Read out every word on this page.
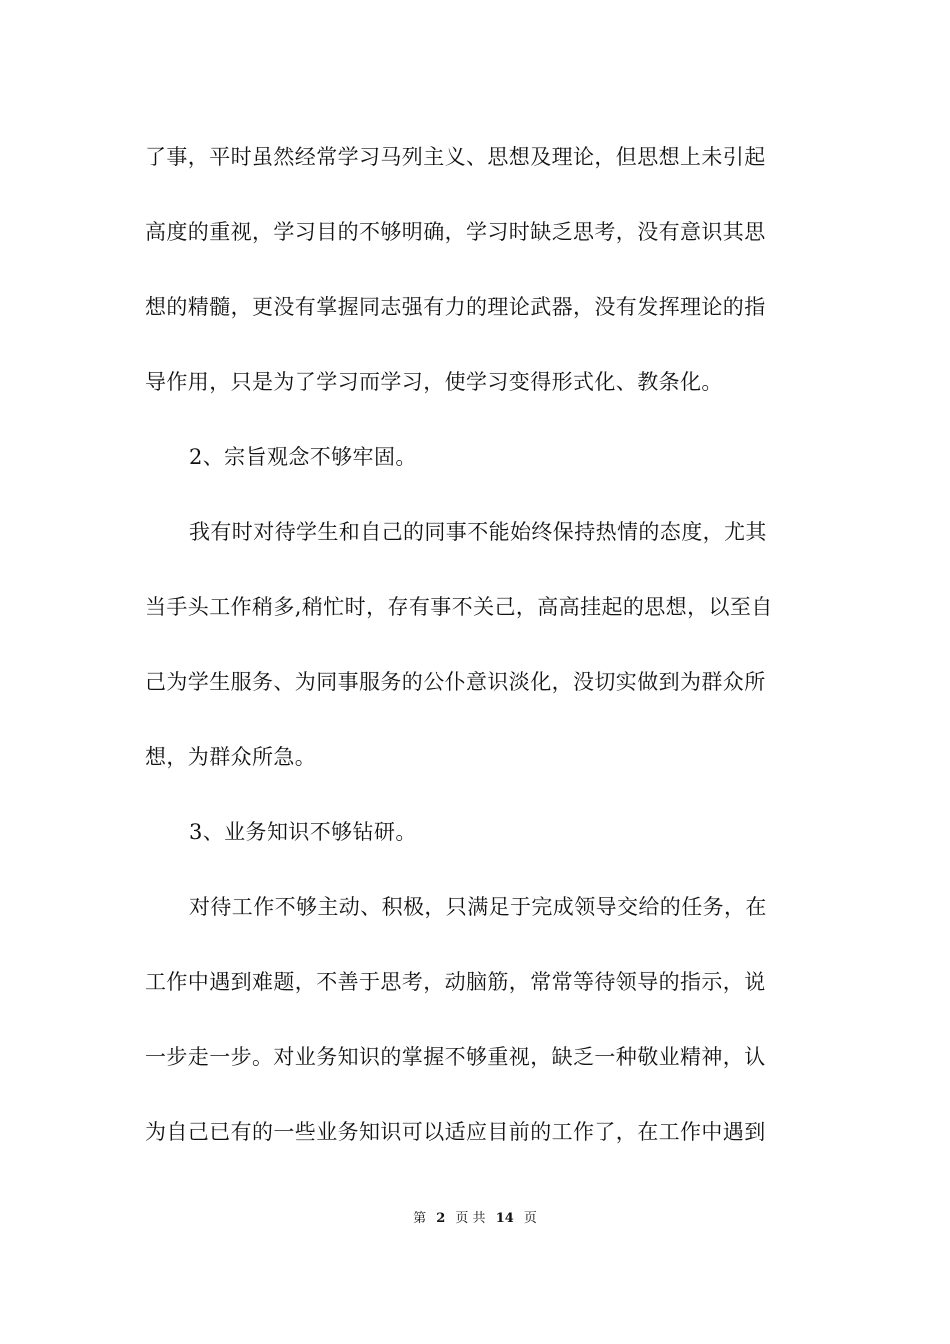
了事，平时虽然经常学习马列主义、思想及理论，但思想上未引起
高度的重视，学习目的不够明确，学习时缺乏思考，没有意识其思
想的精髓，更没有掌握同志强有力的理论武器，没有发挥理论的指
导作用，只是为了学习而学习，使学习变得形式化、教条化。
2、宗旨观念不够牢固。
我有时对待学生和自己的同事不能始终保持热情的态度，尤其
当手头工作稍多,稍忙时，存有事不关己，高高挂起的思想，以至自
己为学生服务、为同事服务的公仆意识淡化，没切实做到为群众所
想，为群众所急。
3、业务知识不够钻研。
对待工作不够主动、积极，只满足于完成领导交给的任务，在
工作中遇到难题，不善于思考，动脑筋，常常等待领导的指示，说
一步走一步。对业务知识的掌握不够重视，缺乏一种敬业精神，认
为自己已有的一些业务知识可以适应目前的工作了，在工作中遇到
第 2 页 共 14 页
